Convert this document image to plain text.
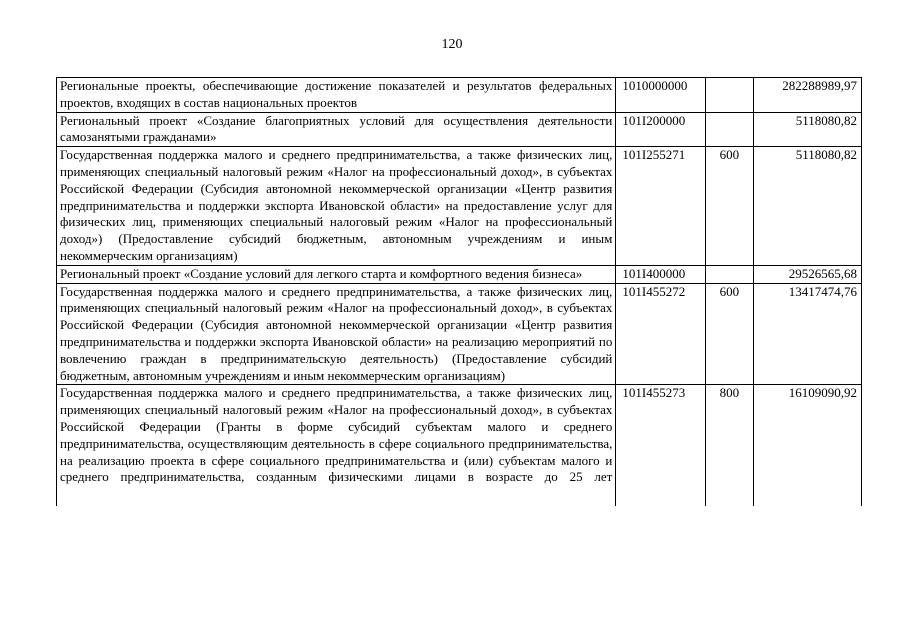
120
Региональные проекты, обеспечивающие достижение показателей и результатов федеральных проектов, входящих в состав национальных проектов	1010000000		282288989,97
Региональный проект «Создание благоприятных условий для осуществления деятельности самозанятыми гражданами»	101I200000		5118080,82
Государственная поддержка малого и среднего предпринимательства, а также физических лиц, применяющих специальный налоговый режим «Налог на профессиональный доход», в субъектах Российской Федерации (Субсидия автономной некоммерческой организации «Центр развития предпринимательства и поддержки экспорта Ивановской области» на предоставление услуг для физических лиц, применяющих специальный налоговый режим «Налог на профессиональный доход») (Предоставление субсидий бюджетным, автономным учреждениям и иным некоммерческим организациям)	101I255271	600	5118080,82
Региональный проект «Создание условий для легкого старта и комфортного ведения бизнеса»	101I400000		29526565,68
Государственная поддержка малого и среднего предпринимательства, а также физических лиц, применяющих специальный налоговый режим «Налог на профессиональный доход», в субъектах Российской Федерации (Субсидия автономной некоммерческой организации «Центр развития предпринимательства и поддержки экспорта Ивановской области» на реализацию мероприятий по вовлечению граждан в предпринимательскую деятельность) (Предоставление субсидий бюджетным, автономным учреждениям и иным некоммерческим организациям)	101I455272	600	13417474,76
Государственная поддержка малого и среднего предпринимательства, а также физических лиц, применяющих специальный налоговый режим «Налог на профессиональный доход», в субъектах Российской Федерации (Гранты в форме субсидий субъектам малого и среднего предпринимательства, осуществляющим деятельность в сфере социального предпринимательства, на реализацию проекта в сфере социального предпринимательства и (или) субъектам малого и среднего предпринимательства, созданным физическими лицами в возрасте до 25 лет	101I455273	800	16109090,92
